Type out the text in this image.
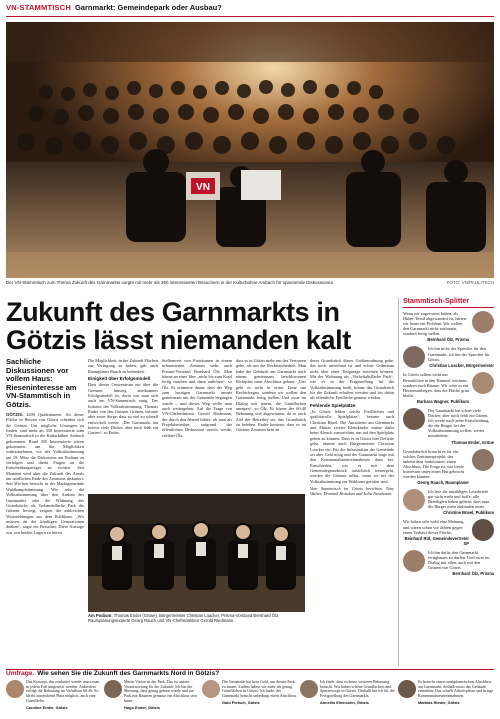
VN-STAMMTISCH Garnmarkt: Gemeindepark oder Ausbau?
VN
Der VN-Stammtisch zum Thema Zukunft des Garnmarkts sorgte mit mehr als 350 interessierten Besuchern in der Kulturbühne Ambach für spannende Diskussionen.	FOTO: VN/PAULITSCH
Zukunft des Garnmarkts in
Götzis lässt niemanden kalt
Sachliche Diskussionen vor vollem Haus: Rieseninteresse am VN-Stammtisch in Götzis.

GÖTZIS. 4200 Quadratmeter. An dieser Fläche in Herzen von Götzis scheiden sich die Geister. Um mögliche Lösungen zu finden, sind mehr als 350 Interessierte zum VN-Stammtisch in die Kulturbühne Ambach gekommen. Rund 350 Interessierte waren gekommen, um die Möglichkeit wahrzunehmen, vor der Volksabstimmung am 19. März die Diskussion am Podium zu verfolgen und direkt Fragen an die Entscheidungsträger zu richten. Seit Monaten wird über die Zukunft des Areals am nördlichen Ende des Zentrums diskutiert. Seit Wochen herrscht in der Marktgemeinde Wahlkampfstimmung. Wie sehr die Volksabstimmung über den Ausbau des Garnmarkts oder die Widmung des Grundstücks als Verbandsfläche Park die Götzner bewegt, zeigten die zahlreichen Wortmeldungen aus dem Publikum. „Wir müssen an die künftigen Generationen denken“, sagte ein Besucher. Diese Aussage war von beiden Lagern zu hören.

Die Möglichkeit, in der Zukunft Flächen zur Verfügung zu haben, gab auch Raumplaner Rauch zu bedenken.

Einigkeit über Erfolgsmodell

Dass dieses Ortszentrum ein über die Grenzen hinweg anerkanntes Erfolgsmodell ist, darin war man sich auch am VN-Stammtisch einig. Der Initiator der Volksabstimmung, Thomas Ender von den Götzner Grünen, betonte aber seine Sorge, dass zu viel zu schnell entwickelt werde. „Der Garnmarkt hat bereits viele Dächer, aber noch fehlt ein Garten“, so Ender.

Stellenwert von Freiräumen in einem urbanisierten Zentrum steht auch Prisma-Vorstand Bernhard Ölz. Man könne an einer Idee „nicht bis zum Kopf fertig machen und dann aufhören“, so Ölz. Er erinnerte daran, dass der Weg zum heutigen Garnmarkt immer gemeinsam mit der Gemeinde begangen wurde – und dieses Weg wolle man auch weitergehen. Auf die Frage von VN-Chefredakteur Gerold Riedmann, der durch den Abend führte, ob man als Projektbetreiber, aufgrund der öffentlichen Diskussion nervös werde, erklärte Ölz,

dass es in Götzis mehr um das Vertrauen gehe, als um die Rechtssicherheit. Man habe die Gebäude am Garnmarkt nach einem gemeinsam beschlossenen Richtplan samt Abschluss gebaut. „Uns geht es nicht in erster Linie um Rechtsfragen, sondern wir wollen den Garnmarkt fertig stellen. Und zwar im Dialog mit jenem, die Grünflächen anregen“, so Ölz. Er könne der 60:40 Bebauung viel abgewinnen, da es auch Ziel der Betreiber sei, das Grundstück zu beleben. Ender konterte, dass es im Götzner Zentrum kein an

deres Grundstück dieser Größenordnung gebe, das noch unverbaut ist und echter Grünraum nicht über einer Tiefgarage errichten können. Mit der Widmung als „Vorbehaltsfläche Park“, wie es in der Fragestellung für die Volksabstimmung heißt, könne das Grundstück für die Zukunft erhalten werden und bis dahin als öffentliche Freifläche genutzt werden.

Fehlende Spielplätze

„In Götzis fehlen solche Freiflächen und qualitätvolle Spielplätze“, betonte auch Christina Büsel. Die Anrainerin am Garnmarkt und Mutter zweier Kleinkinder müsse dafür beim Abruch ausweichen, um auf den Spielplatz gehen zu können. Dass es in Götzis hier Defizite gebe, räumte auch Bürgermeister Christian Loacker ein. Für die Infrastruktur der Gemeinde sei aber Geld nötig und der Garnmarkt trage mit den Kommunalsteuereinnahmen dazu bei. Entschieden, wie es mit dem Gemeindegrundstück tatsächlich weitergeht, werden die Götzner selbst, wenn sie bei der Volksabstimmung zur Wahlurne gerufen sind.

Vom Stammtisch im Götzis berichten Tony Walser, Dominik Hotsdam und Julia Nussbaum.

Am Podium: Thomas Ender (Grüne), Bürgermeister Christian Loacker, Prisma-Vorstand Bernhard Ölz, Raumplanungsexperte Georg Rauch und VN-Chefredakteur Gerold Riedmann.
Stammtisch-Splitter
Wenn wir zugewartet hätten, als Huber-Textil abgewandert ist, hätten wir heute ein Problem. Wir wollen den Garnmarkt nicht zuzbauen, sondern fertig stellen.
Bernhard Ölz, Prisma
Ich bin nicht der Sprecher für den Garnmarkt, ich bin der Sprecher für Götzis.
Christian Loacker, Bürgermeister
In Götzis sollten nicht nur Betonklötze in den Himmel wachsen, sondern auch Bäume. Wir wöre es ein Herzensanliegen, dass die Fläche grün bleibt.
Barbara Wagner, Publikum
Der Garnmarkt hat schon viele Dächer, aber noch fehlt ein Garten. Ich werde nach jeder Entscheidung, die die Bürger bei der Volksabstimmung treffen, weiter mitarbeiten.
Thomas Ender, Grüne
Grundsätzlich braucht es für ein solches Zentrumsprojekt, das unbestritten funktioniert, einen Abschluss. Die Frage ist, wie beide Interessen unter einen Hut gebracht werden können.
Georg Rauch, Raumplaner
Ich lese die unzähligen Leserbriefe gar nicht mehr und hoffe, alle Beteiligten haben gelernt, dass man die Bürger mehr einbinden muss.
Christine Büsel, Publikum
Wir haben sehr wohl eine Meinung und waren schon vor Jahren gegen einen Verkauf dieser Fläche.
Beinhard Rüf, Gemeindevertreter SP
Ich bin dafür, den Garnmarkt fertigbauen zu dürfen. Und zwar im Dialog mit allen, auch mit den Grünen von Götzis.
Bernhard Ölz, Prisma
Umfrage. Wie sehen Sie die Zukunft des Garnmarkts Nord in Götzis?
Das Konzept, das erarbeitet wurde, muss man in jedem Fall umgesetzt werden. Außerdem erfolgt die Bebauung im Verhältnis 60:40. So bleibt ausreichend Platz möglich, auch eine Grünfläche.
Caroline Ender, Götzis
Meine Vision ist der Park. Das ist unsere Verantwortung für die Zukunft. Ich bin der Meinung, dass genug gebaut wurde und ein Park mit Bäumen genauso ein Abschluss sein kann.
Hugo Ender, Götzis
Die Gemeinde hat kein Gold, um diesen Park zu bauen. Zudem haben wir mehr als genug Grünflächen in Götzis. Ich finde, der Garnmarkt braucht unbedingt einen Abschluss.
Gabi Pietsch, Götzis
Ich finde, dass es keine weiteren Bebauung braucht. Wir haben schöne Grünflächen und Spazierwege in Götzis. Deshalb bin ich für die Fertigstellung des Garnmarkts.
Anneliis Ellensohn, Götzis
Es braucht einen raumplanerischen Abschluss am Garnmarkt, deshalb muss das Gebäude entstehen. Das schafft Arbeitsplätze und bringt Kommunalsteuereinnahmen.
Mathias Rieder, Götzis
